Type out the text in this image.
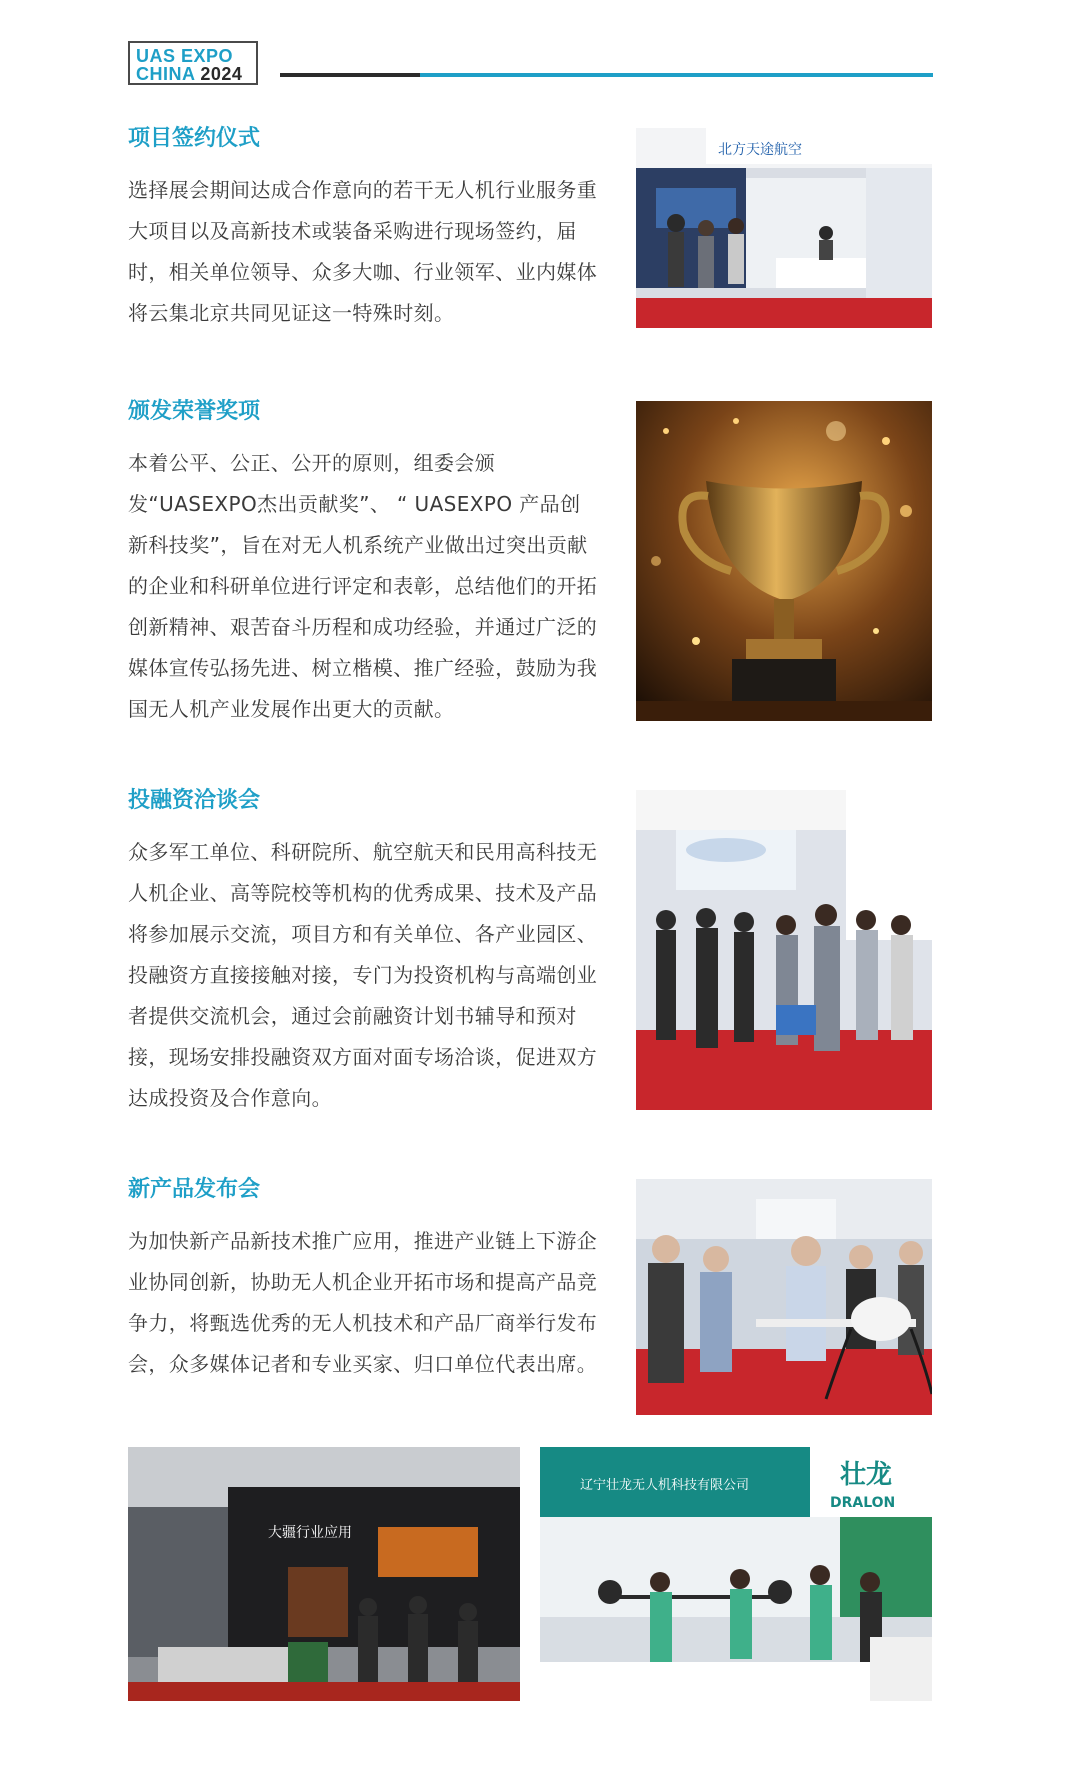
UAS EXPO
CHINA 2024
项目签约仪式

选择展会期间达成合作意向的若干无人机行业服务重大项目以及高新技术或装备采购进行现场签约，届时，相关单位领导、众多大咖、行业领军、业内媒体将云集北京共同见证这一特殊时刻。

北方天途航空
颁发荣誉奖项

本着公平、公正、公开的原则，组委会颁发“UASEXPO杰出贡献奖”、 “ UASEXPO 产品创新科技奖”，旨在对无人机系统产业做出过突出贡献的企业和科研单位进行评定和表彰，总结他们的开拓创新精神、艰苦奋斗历程和成功经验，并通过广泛的媒体宣传弘扬先进、树立楷模、推广经验，鼓励为我国无人机产业发展作出更大的贡献。

投融资洽谈会

众多军工单位、科研院所、航空航天和民用高科技无人机企业、高等院校等机构的优秀成果、技术及产品将参加展示交流，项目方和有关单位、各产业园区、投融资方直接接触对接，专门为投资机构与高端创业者提供交流机会，通过会前融资计划书辅导和预对接，现场安排投融资双方面对面专场洽谈，促进双方达成投资及合作意向。

新产品发布会

为加快新产品新技术推广应用，推进产业链上下游企业协同创新，协助无人机企业开拓市场和提高产品竞争力，将甄选优秀的无人机技术和产品厂商举行发布会，众多媒体记者和专业买家、归口单位代表出席。

大疆行业应用
辽宁壮龙无人机科技有限公司	壮龙
DRALON
